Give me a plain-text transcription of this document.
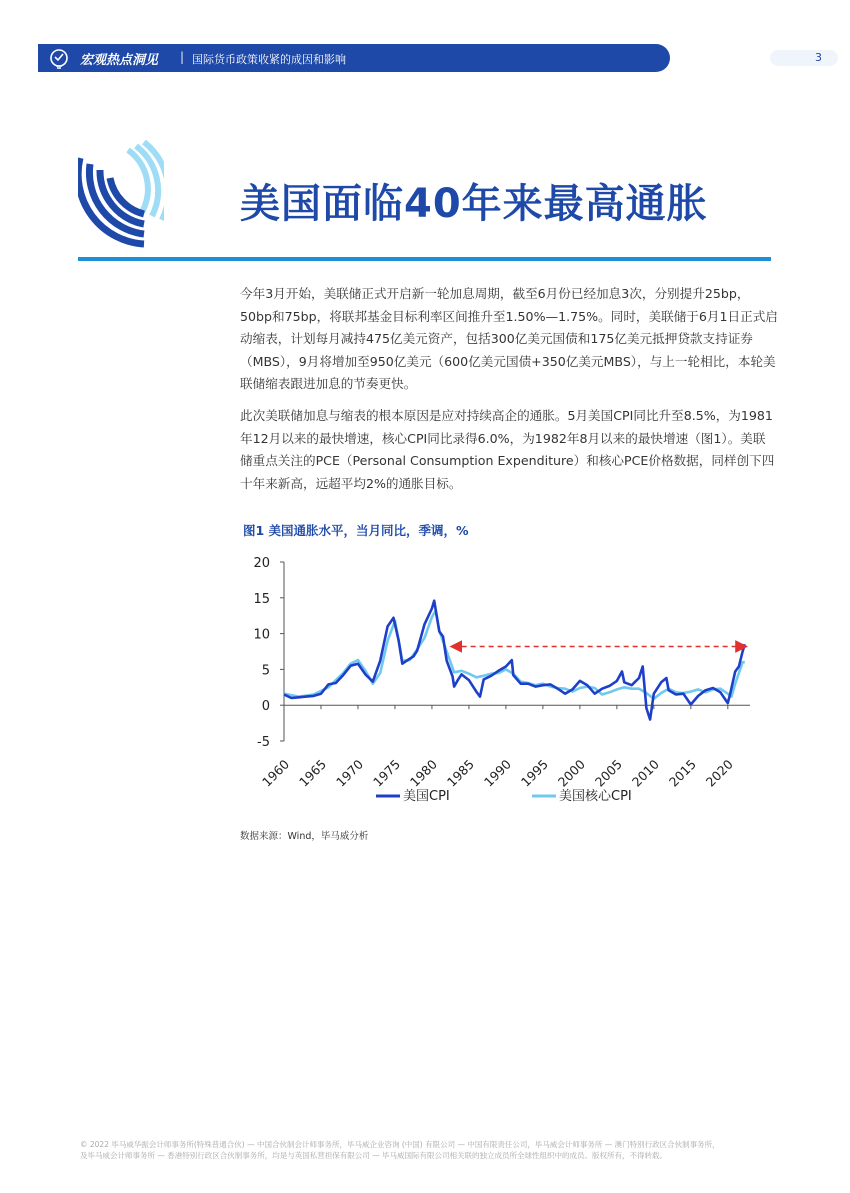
宏观热点洞见 | 国际货币政策收紧的成因和影响	3
美国面临40年来最高通胀

今年3月开始，美联储正式开启新一轮加息周期，截至6月份已经加息3次，分别提升25bp，50bp和75bp，将联邦基金目标利率区间推升至1.50%—1.75%。同时，美联储于6月1日正式启动缩表，计划每月减持475亿美元资产，包括300亿美元国债和175亿美元抵押贷款支持证券（MBS），9月将增加至950亿美元（600亿美元国债+350亿美元MBS），与上一轮相比，本轮美联储缩表跟进加息的节奏更快。

此次美联储加息与缩表的根本原因是应对持续高企的通胀。5月美国CPI同比升至8.5%，为1981年12月以来的最快增速，核心CPI同比录得6.0%，为1982年8月以来的最快增速（图1）。美联储重点关注的PCE（Personal Consumption Expenditure）和核心PCE价格数据，同样创下四十年来新高，远超平均2%的通胀目标。

图1 美国通胀水平，当月同比，季调，%
20
15
10
5
0
-5
1960 1965 1970 1975 1980 1985 1990 1995 2000 2005 2010 2015 2020
美国CPI	美国核心CPI
数据来源：Wind，毕马威分析
© 2022 毕马威华振会计师事务所(特殊普通合伙) — 中国合伙制会计师事务所，毕马威企业咨询 (中国) 有限公司 — 中国有限责任公司，毕马威会计师事务所 — 澳门特别行政区合伙制事务所，
及毕马威会计师事务所 — 香港特别行政区合伙制事务所，均是与英国私营担保有限公司 — 毕马威国际有限公司相关联的独立成员所全球性组织中的成员。版权所有，不得转载。
